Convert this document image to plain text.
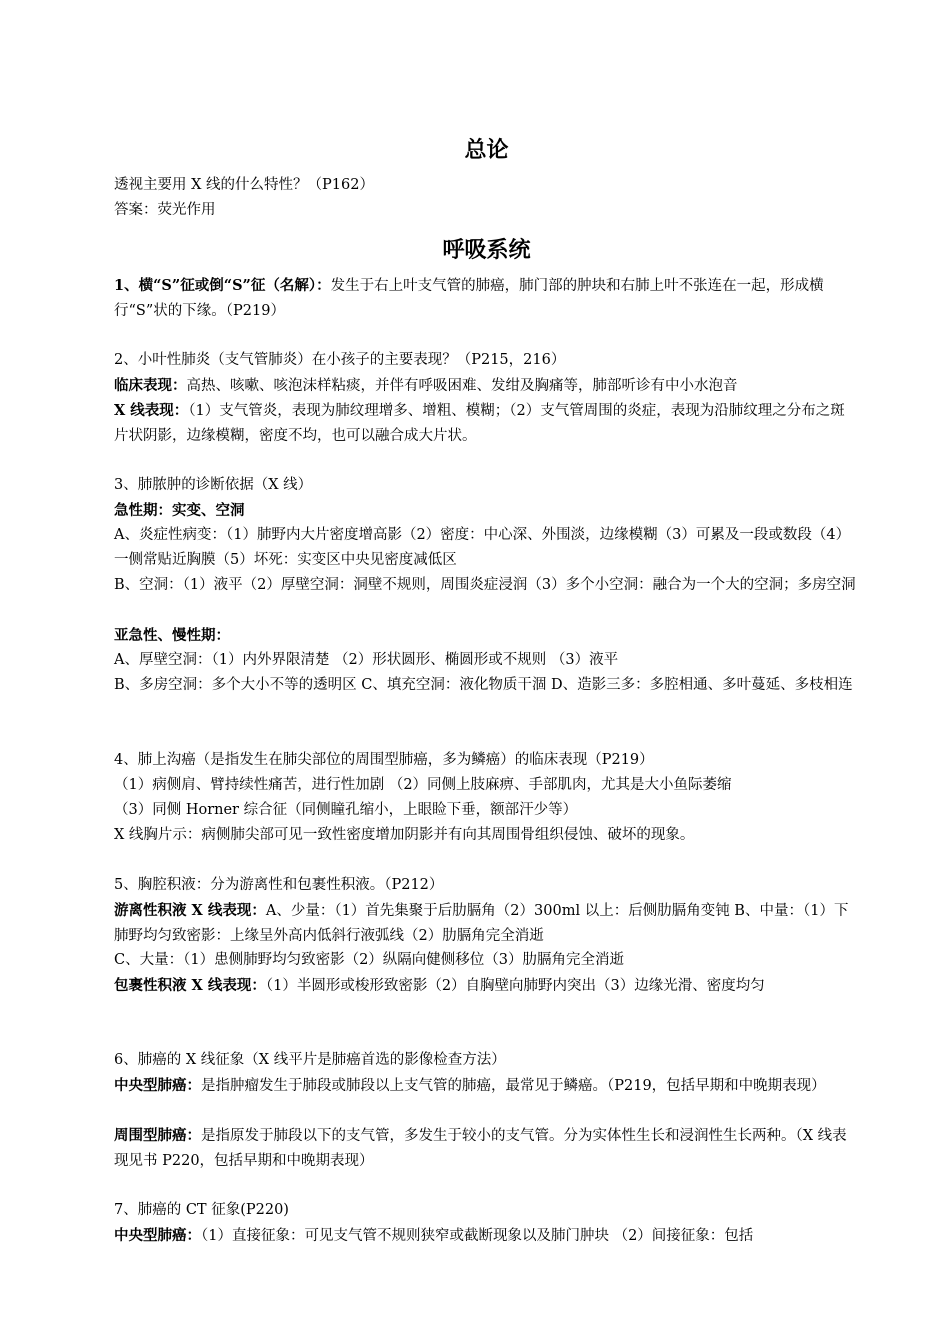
总论
透视主要用 X 线的什么特性？（P162）
答案：荧光作用
呼吸系统
1、横“S”征或倒“S”征（名解）：发生于右上叶支气管的肺癌，肺门部的肿块和右肺上叶不张连在一起，形成横行“S”状的下缘。（P219）
2、小叶性肺炎（支气管肺炎）在小孩子的主要表现？（P215，216）
临床表现：高热、咳嗽、咳泡沫样粘痰，并伴有呼吸困难、发绀及胸痛等，肺部听诊有中小水泡音
X 线表现：（1）支气管炎，表现为肺纹理增多、增粗、模糊；（2）支气管周围的炎症，表现为沿肺纹理之分布之斑片状阴影，边缘模糊，密度不均，也可以融合成大片状。
3、肺脓肿的诊断依据（X 线）
急性期：实变、空洞
A、炎症性病变：（1）肺野内大片密度增高影（2）密度：中心深、外围淡，边缘模糊（3）可累及一段或数段（4）一侧常贴近胸膜（5）坏死：实变区中央见密度减低区
B、空洞：（1）液平（2）厚壁空洞：洞壁不规则，周围炎症浸润（3）多个小空洞：融合为一个大的空洞；多房空洞
亚急性、慢性期：
A、厚壁空洞：（1）内外界限清楚 （2）形状圆形、椭圆形或不规则 （3）液平
B、多房空洞：多个大小不等的透明区 C、填充空洞：液化物质干涸 D、造影三多：多腔相通、多叶蔓延、多枝相连
4、肺上沟癌（是指发生在肺尖部位的周围型肺癌，多为鳞癌）的临床表现（P219）
（1）病侧肩、臂持续性痛苦，进行性加剧 （2）同侧上肢麻痹、手部肌肉，尤其是大小鱼际萎缩
（3）同侧 Horner 综合征（同侧瞳孔缩小，上眼睑下垂，额部汗少等）
X 线胸片示：病侧肺尖部可见一致性密度增加阴影并有向其周围骨组织侵蚀、破坏的现象。
5、胸腔积液：分为游离性和包裹性积液。（P212）
游离性积液 X 线表现：A、少量：（1）首先集聚于后肋膈角（2）300ml 以上：后侧肋膈角变钝 B、中量：（1）下肺野均匀致密影：上缘呈外高内低斜行液弧线（2）肋膈角完全消逝
C、大量：（1）患侧肺野均匀致密影（2）纵隔向健侧移位（3）肋膈角完全消逝
包裹性积液 X 线表现：（1）半圆形或梭形致密影（2）自胸壁向肺野内突出（3）边缘光滑、密度均匀
6、肺癌的 X 线征象（X 线平片是肺癌首选的影像检查方法）
中央型肺癌：是指肿瘤发生于肺段或肺段以上支气管的肺癌，最常见于鳞癌。（P219，包括早期和中晚期表现）
周围型肺癌：是指原发于肺段以下的支气管，多发生于较小的支气管。分为实体性生长和浸润性生长两种。（X 线表现见书 P220，包括早期和中晚期表现）
7、肺癌的 CT 征象(P220)
中央型肺癌：（1）直接征象：可见支气管不规则狭窄或截断现象以及肺门肿块 （2）间接征象：包括
